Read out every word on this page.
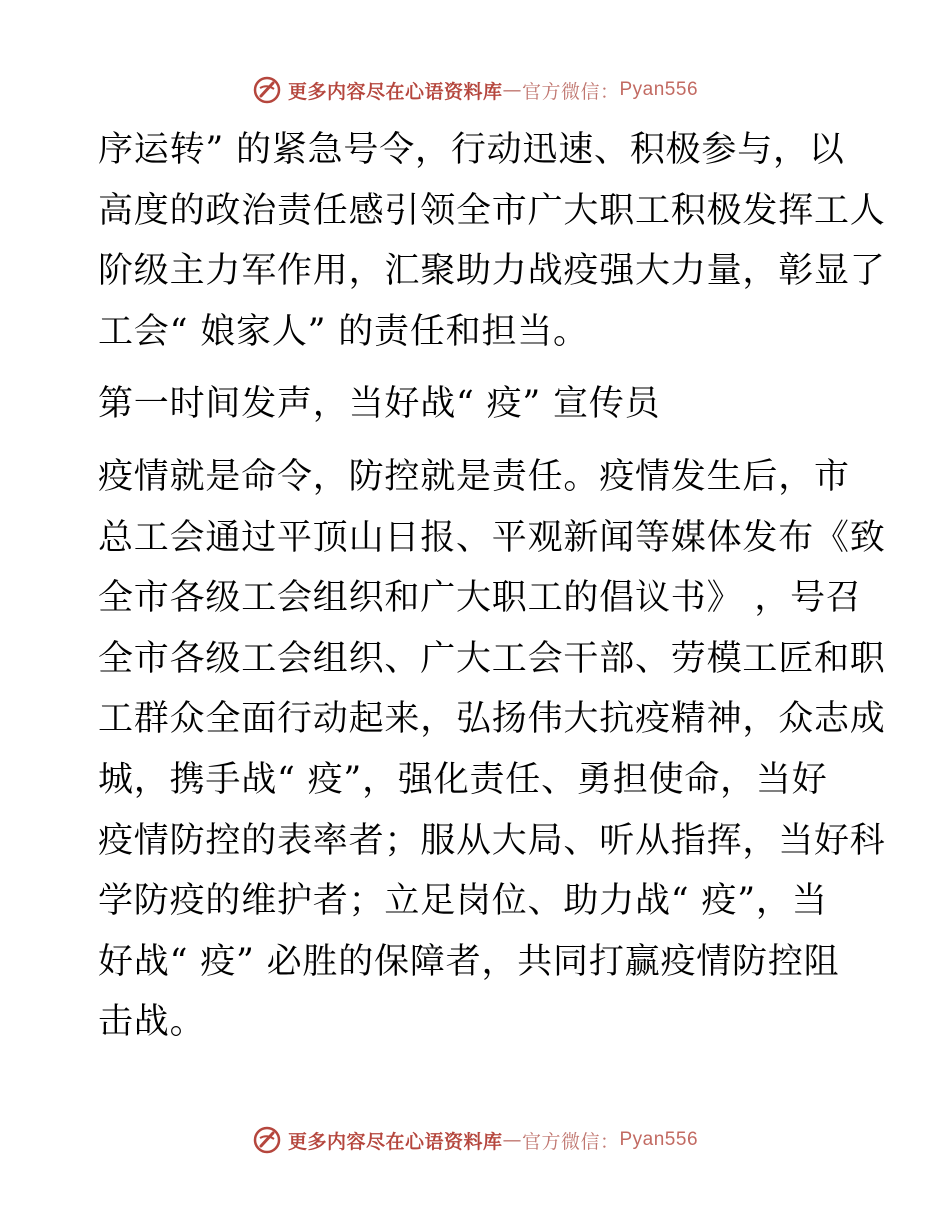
更多内容尽在心语资料库 — 官方微信： Pyan556

序运转” 的紧急号令，行动迅速、积极参与，以

高度的政治责任感引领全市广大职工积极发挥工人

阶级主力军作用，汇聚助力战疫强大力量，彰显了

工会“ 娘家人” 的责任和担当。

第一时间发声，当好战“ 疫” 宣传员

疫情就是命令，防控就是责任。疫情发生后，市

总工会通过平顶山日报、平观新闻等媒体发布《致

全市各级工会组织和广大职工的倡议书》 ，号召

全市各级工会组织、广大工会干部、劳模工匠和职

工群众全面行动起来，弘扬伟大抗疫精神，众志成

城，携手战“ 疫”，强化责任、勇担使命，当好

疫情防控的表率者；服从大局、听从指挥，当好科

学防疫的维护者；立足岗位、助力战“ 疫”，当

好战“ 疫” 必胜的保障者，共同打赢疫情防控阻

击战。

更多内容尽在心语资料库 — 官方微信： Pyan556
